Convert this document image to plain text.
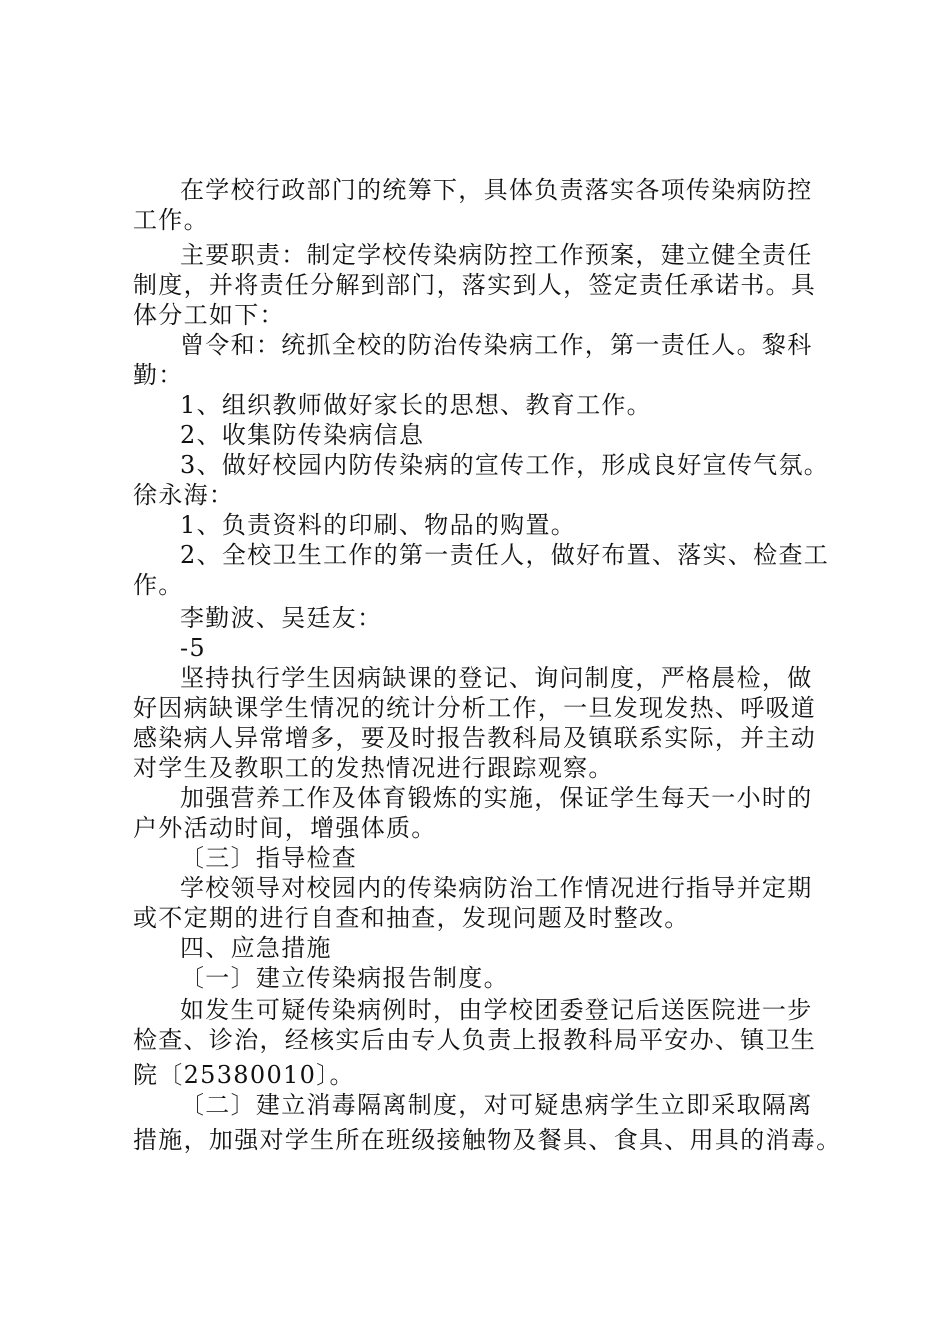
在学校行政部门的统筹下，具体负责落实各项传染病防控
工作。
主要职责：制定学校传染病防控工作预案，建立健全责任
制度，并将责任分解到部门，落实到人，签定责任承诺书。具
体分工如下：
曾令和：统抓全校的防治传染病工作，第一责任人。黎科
勤：
1、组织教师做好家长的思想、教育工作。
2、收集防传染病信息
3、做好校园内防传染病的宣传工作，形成良好宣传气氛。
徐永海：
1、负责资料的印刷、物品的购置。
2、全校卫生工作的第一责任人，做好布置、落实、检查工
作。
李勤波、吴廷友：
-5
坚持执行学生因病缺课的登记、询问制度，严格晨检，做
好因病缺课学生情况的统计分析工作，一旦发现发热、呼吸道
感染病人异常增多，要及时报告教科局及镇联系实际，并主动
对学生及教职工的发热情况进行跟踪观察。
加强营养工作及体育锻炼的实施，保证学生每天一小时的
户外活动时间，增强体质。
〔三〕指导检查
学校领导对校园内的传染病防治工作情况进行指导并定期
或不定期的进行自查和抽查，发现问题及时整改。
四、应急措施
〔一〕建立传染病报告制度。
如发生可疑传染病例时，由学校团委登记后送医院进一步
检查、诊治，经核实后由专人负责上报教科局平安办、镇卫生
院〔25380010〕。
〔二〕建立消毒隔离制度，对可疑患病学生立即采取隔离
措施，加强对学生所在班级接触物及餐具、食具、用具的消毒。
